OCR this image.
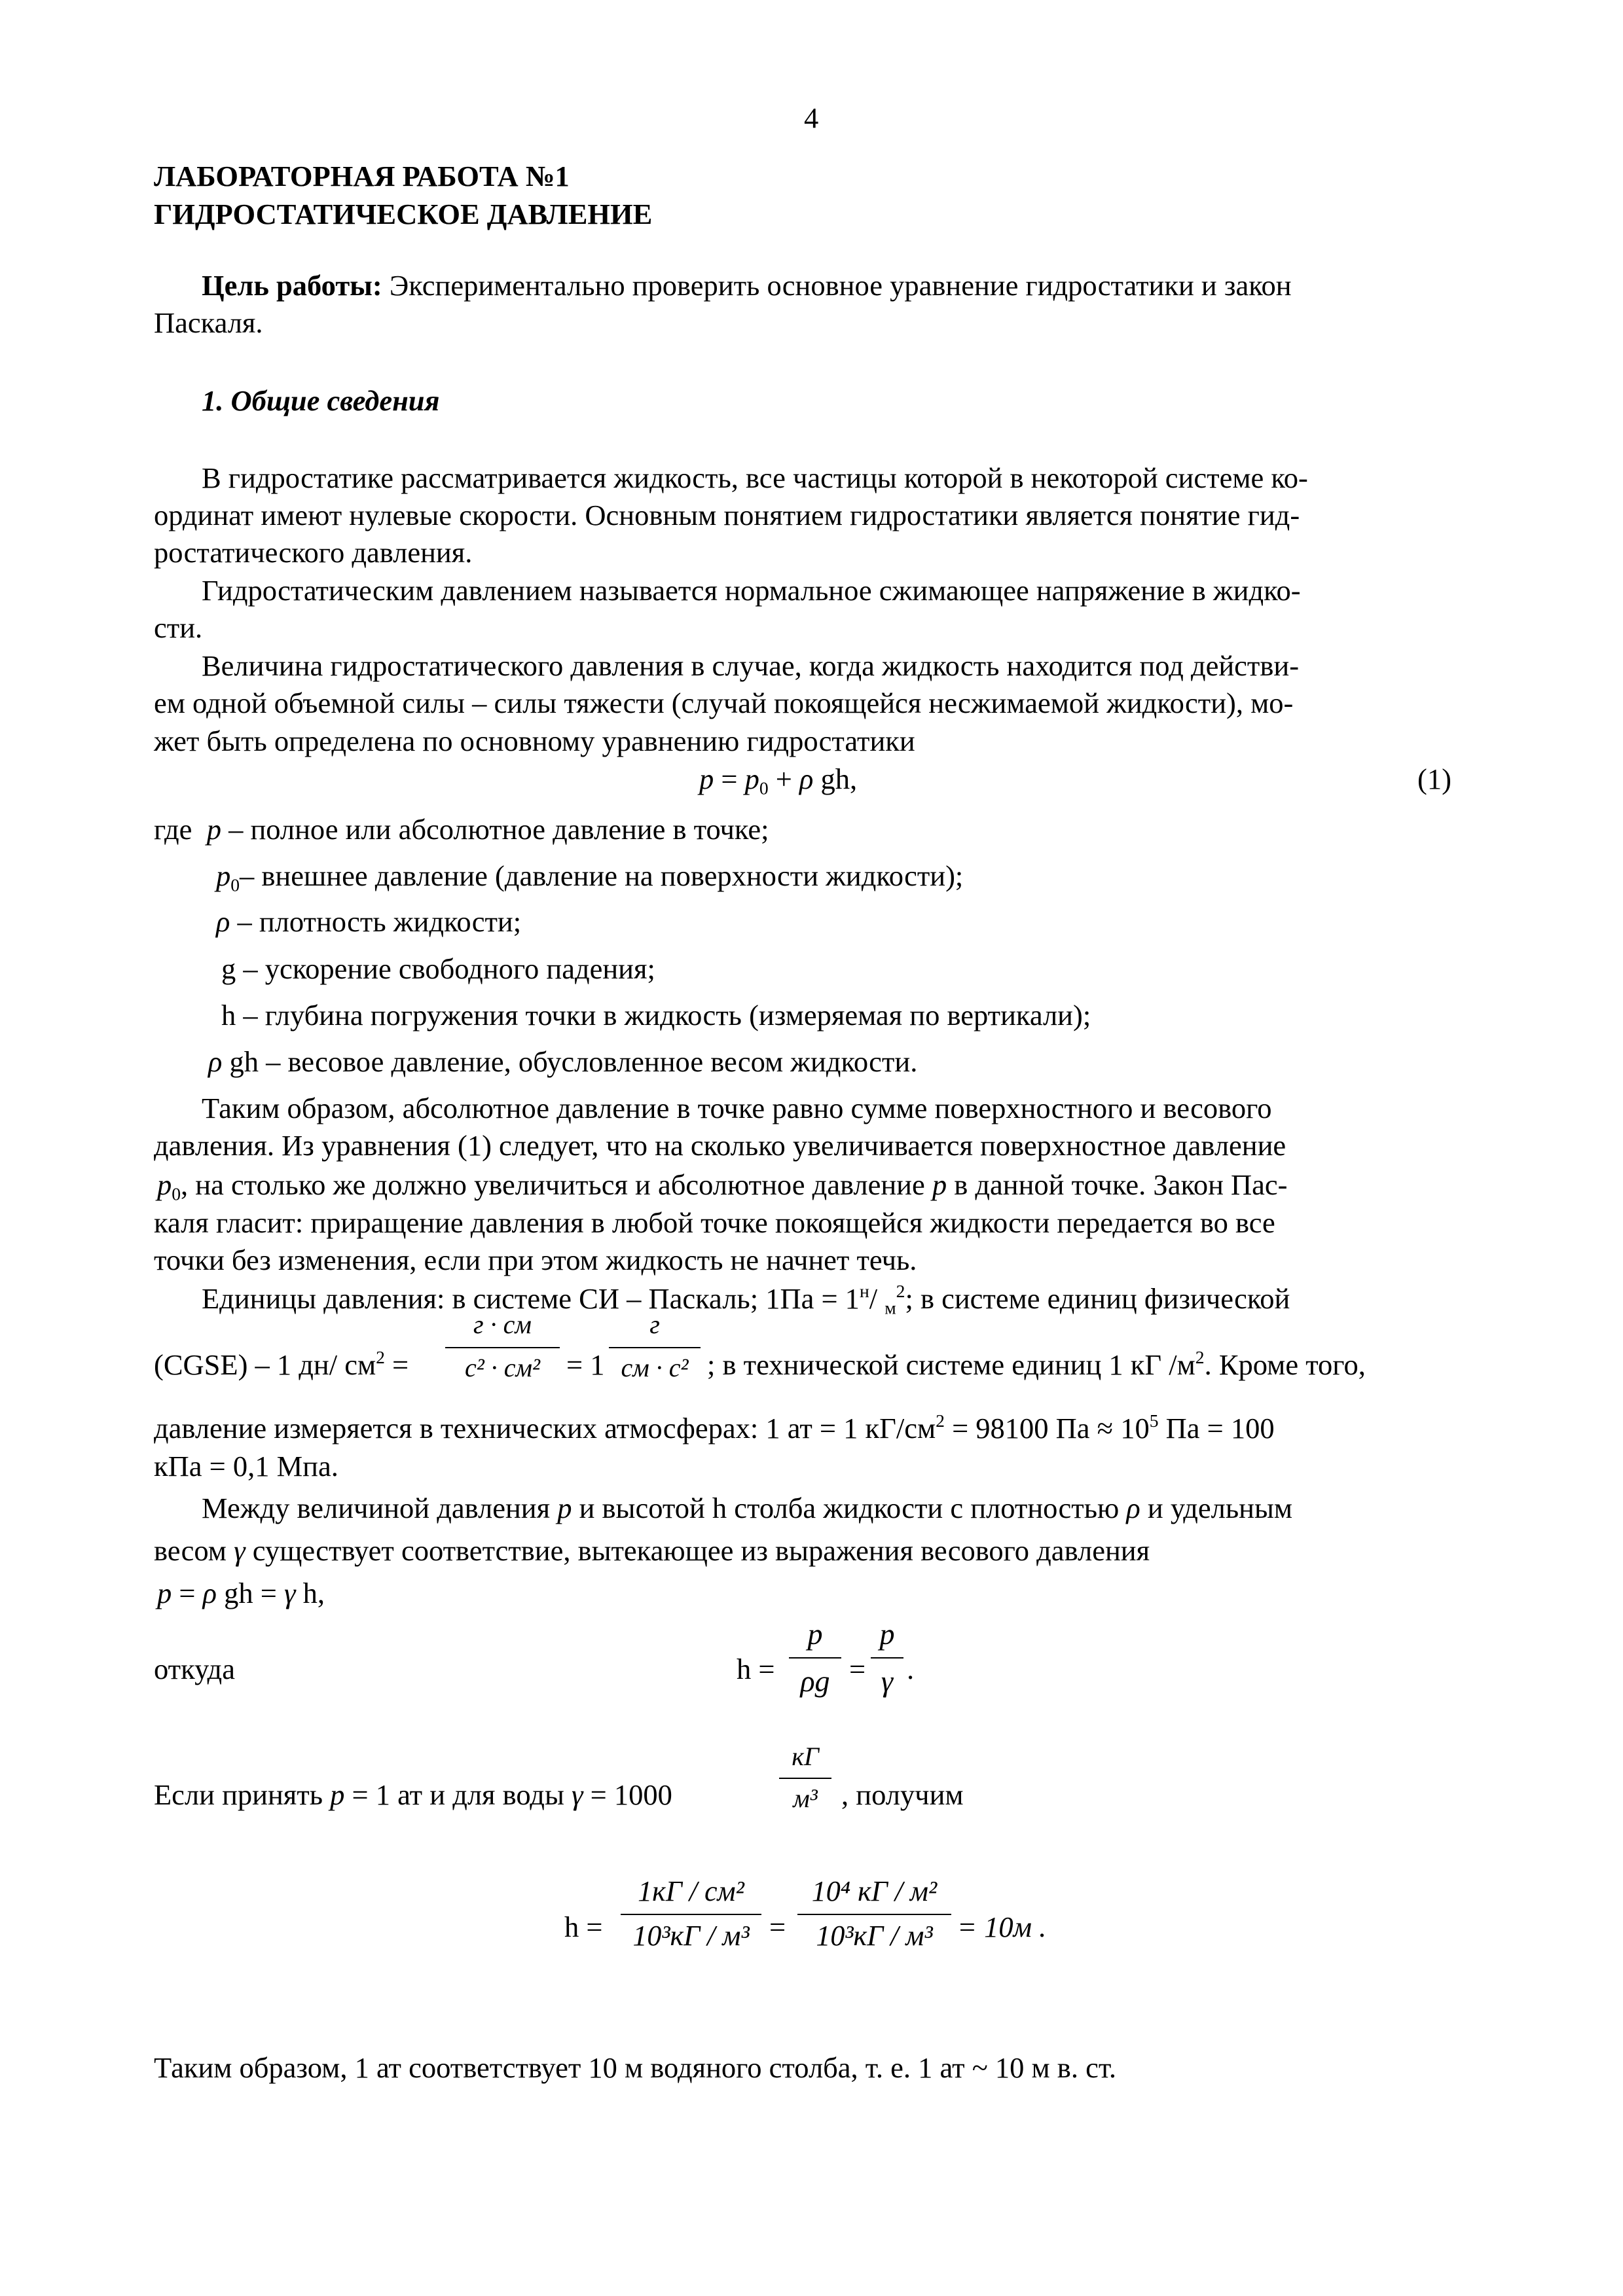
4
ЛАБОРАТОРНАЯ РАБОТА №1
ГИДРОСТАТИЧЕСКОЕ ДАВЛЕНИЕ
Цель работы: Экспериментально проверить основное уравнение гидростатики и закон
Паскаля.
1. Общие сведения
В гидростатике рассматривается жидкость, все частицы которой в некоторой системе ко-
ординат имеют нулевые скорости. Основным понятием гидростатики является понятие гид-
ростатического давления.
Гидростатическим давлением называется нормальное сжимающее напряжение в жидко-
сти.
Величина гидростатического давления в случае, когда жидкость находится под действи-
ем одной объемной силы – силы тяжести (случай покоящейся несжимаемой жидкости), мо-
жет быть определена по основному уравнению гидростатики
$p = p_0 + \rho$ gh,	(1)
где p – полное или абсолютное давление в точке;
$p_0-$ внешнее давление (давление на поверхности жидкости);
ρ – плотность жидкости;
g – ускорение свободного падения;
h – глубина погружения точки в жидкость (измеряемая по вертикали);
ρ gh – весовое давление, обусловленное весом жидкости.
Таким образом, абсолютное давление в точке равно сумме поверхностного и весового
давления. Из уравнения (1) следует, что на сколько увеличивается поверхностное давление
$p_0$, на столько же должно увеличиться и абсолютное давление p в данной точке. Закон Пас-
каля гласит: приращение давления в любой точке покоящейся жидкости передается во все
точки без изменения, если при этом жидкость не начнет течь.
Единицы давления: в системе СИ – Паскаль; $1Па = 1^н/$ $_м^2$; в системе единиц физической
(CGSE) – 1 дн/ $см^2$ =
г · см
c² · см² = 1
г
см · с² ; в технической системе единиц 1 кГ $/м^2$. Кроме того,
давление измеряется в технических атмосферах: 1 ат = 1 $кГ/см^2 = 98100$ Па ≈ $10^5$ Па = 100
кПа = 0,1 Мпа.
Между величиной давления p и высотой h столба жидкости с плотностью ρ и удельным
весом γ существует соответствие, вытекающее из выражения весового давления
p = ρ gh = γ h,
откуда	h =
p
ρg =
p
γ .
Если принять p = 1 ат и для воды γ = 1000
кГ
м³ , получим
h =
1кГ / см²
10³кГ / м³ =
10⁴ кГ / м²
10³кГ / м³ = 10м .
Таким образом, 1 ат соответствует 10 м водяного столба, т. е. 1 ат ~ 10 м в. ст.
